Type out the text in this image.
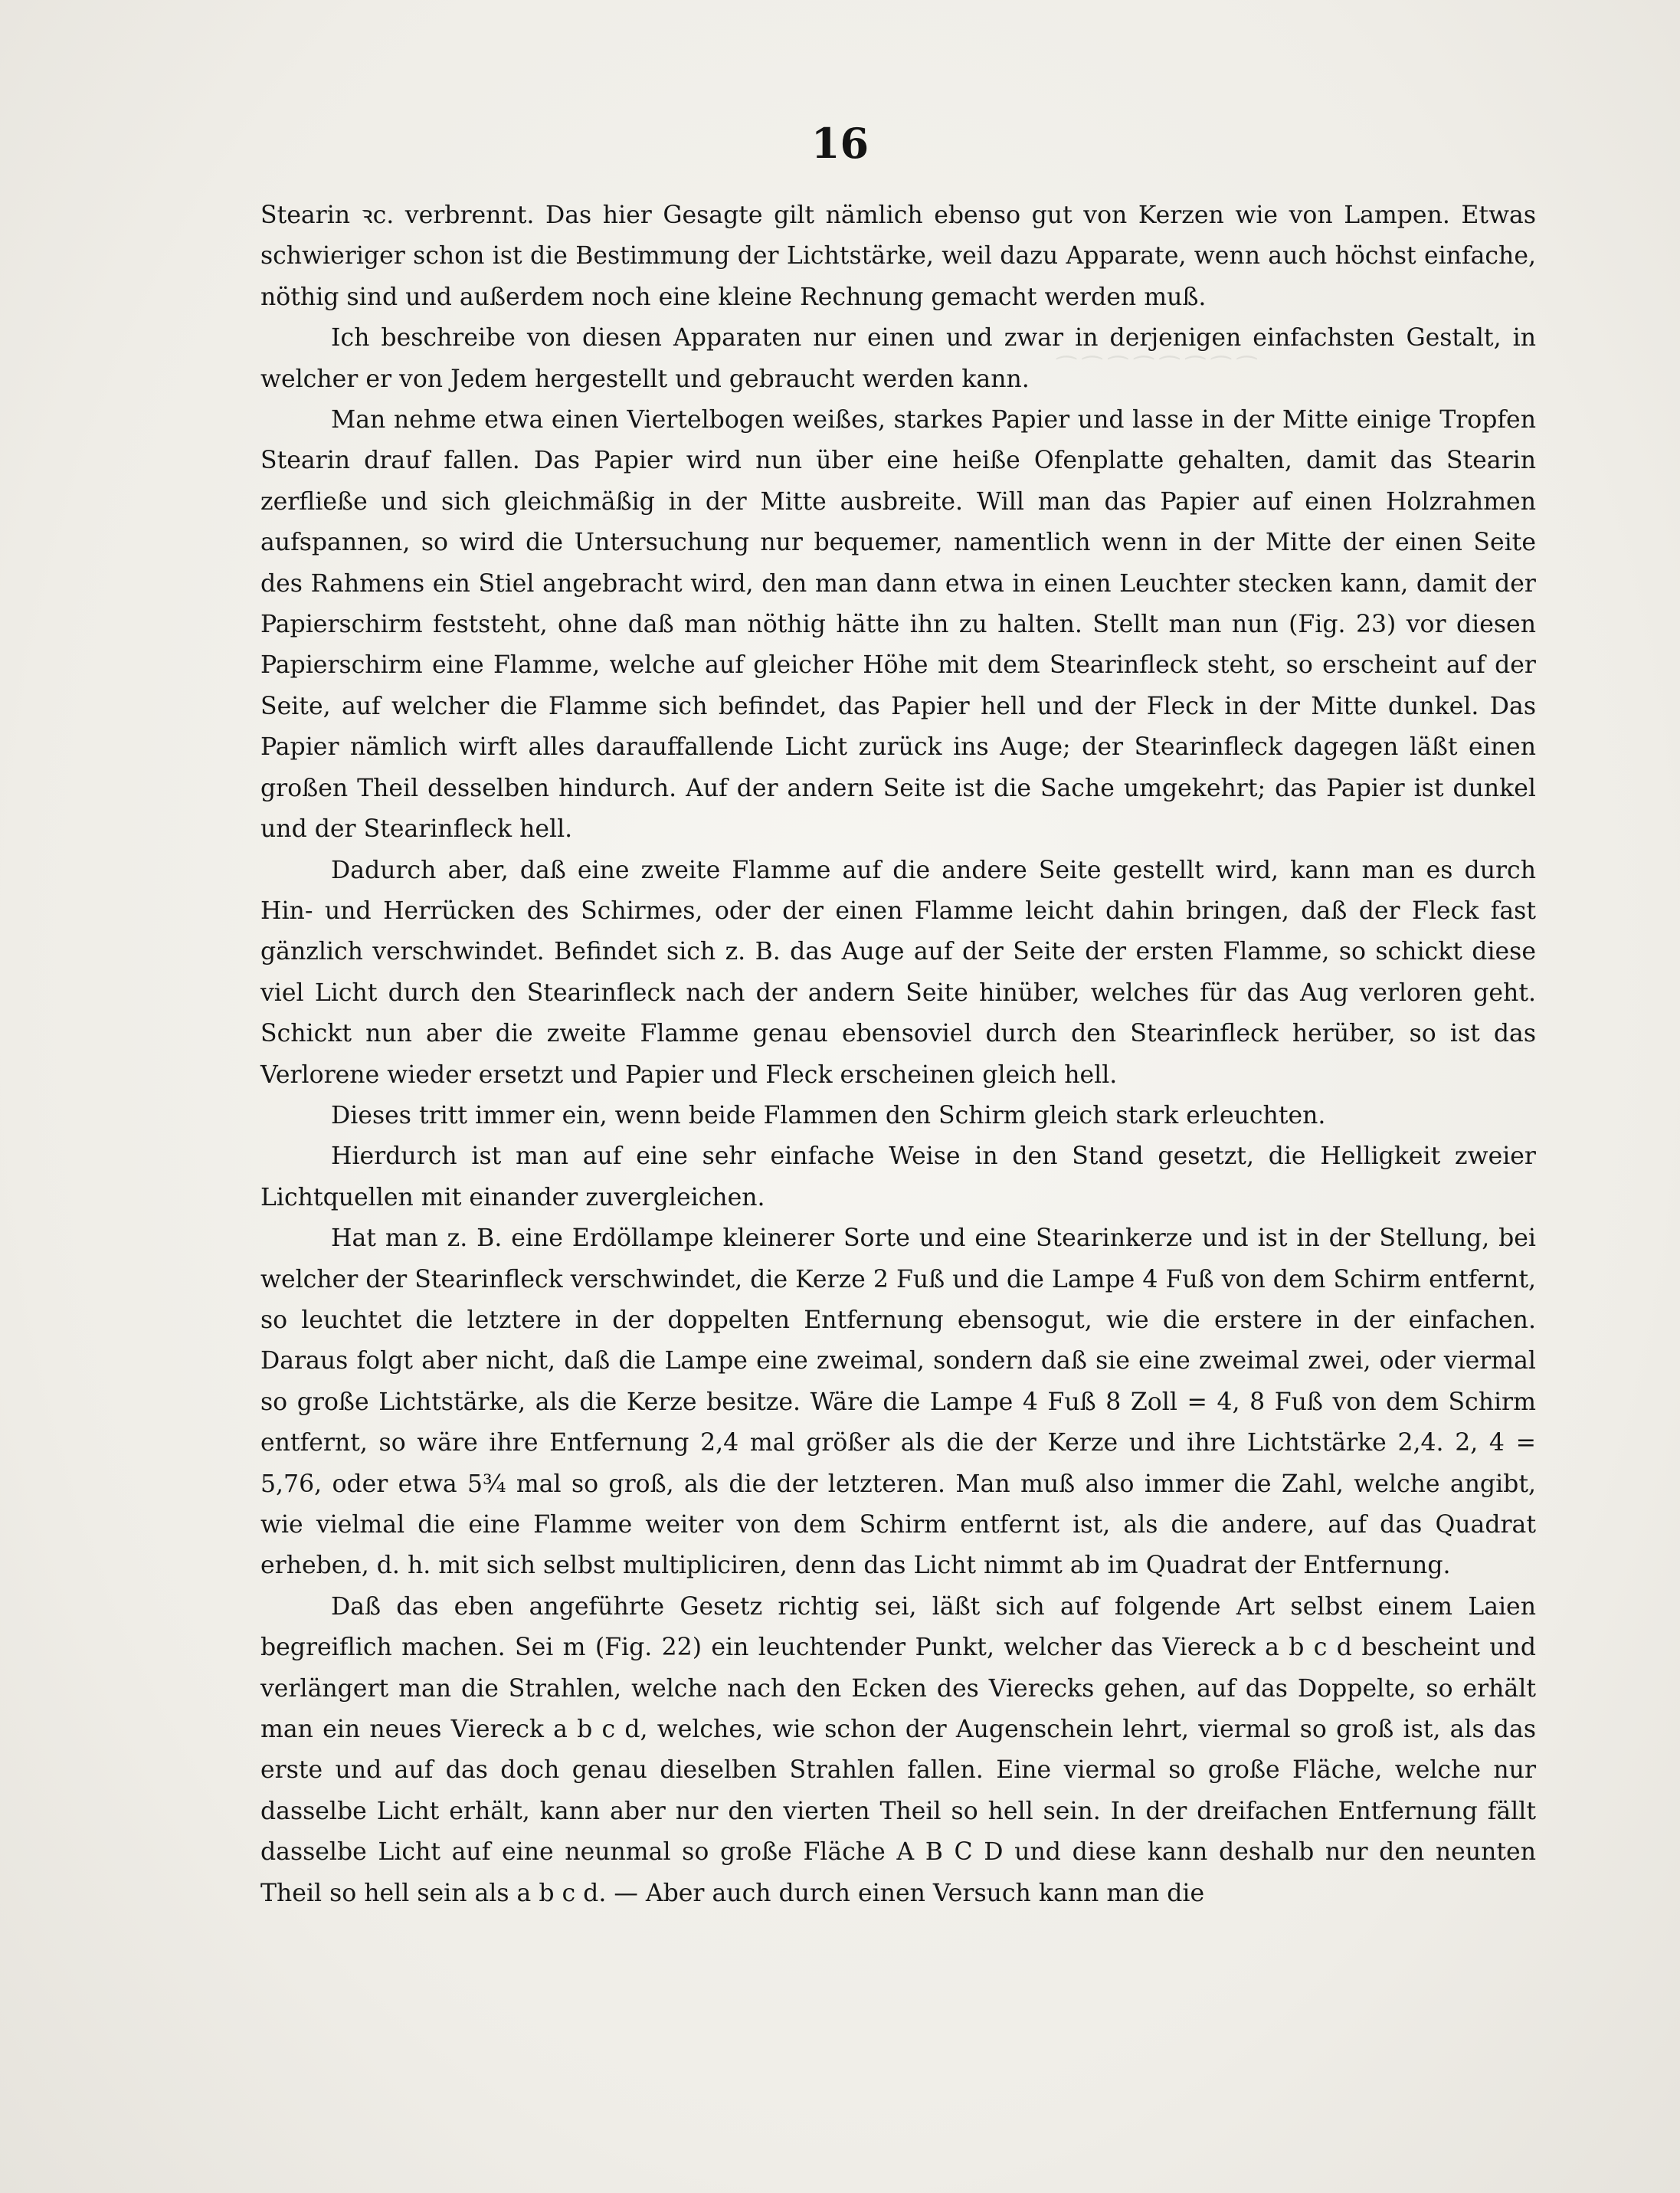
⁀ ⁀ ⁀ ⁀ ⁀ ⁀ ⁀ ⁀
16

Stearin ꝛc. verbrennt. Das hier Gesagte gilt nämlich ebenso gut von Kerzen wie von Lampen. Etwas schwieriger schon ist die Bestimmung der Lichtstärke, weil dazu Apparate, wenn auch höchst einfache, nöthig sind und außerdem noch eine kleine Rechnung gemacht werden muß.

Ich beschreibe von diesen Apparaten nur einen und zwar in derjenigen einfachsten Gestalt, in welcher er von Jedem hergestellt und gebraucht werden kann.

Man nehme etwa einen Viertelbogen weißes, starkes Papier und lasse in der Mitte einige Tropfen Stearin drauf fallen. Das Papier wird nun über eine heiße Ofenplatte gehalten, damit das Stearin zerfließe und sich gleichmäßig in der Mitte ausbreite. Will man das Papier auf einen Holzrahmen aufspannen, so wird die Untersuchung nur bequemer, namentlich wenn in der Mitte der einen Seite des Rahmens ein Stiel angebracht wird, den man dann etwa in einen Leuchter stecken kann, damit der Papierschirm feststeht, ohne daß man nöthig hätte ihn zu halten. Stellt man nun (Fig. 23) vor diesen Papierschirm eine Flamme, welche auf gleicher Höhe mit dem Stearinfleck steht, so erscheint auf der Seite, auf welcher die Flamme sich befindet, das Papier hell und der Fleck in der Mitte dunkel. Das Papier nämlich wirft alles darauffallende Licht zurück ins Auge; der Stearinfleck dagegen läßt einen großen Theil desselben hindurch. Auf der andern Seite ist die Sache umgekehrt; das Papier ist dunkel und der Stearinfleck hell.

Dadurch aber, daß eine zweite Flamme auf die andere Seite gestellt wird, kann man es durch Hin- und Herrücken des Schirmes, oder der einen Flamme leicht dahin bringen, daß der Fleck fast gänzlich verschwindet. Befindet sich z. B. das Auge auf der Seite der ersten Flamme, so schickt diese viel Licht durch den Stearinfleck nach der andern Seite hinüber, welches für das Aug verloren geht. Schickt nun aber die zweite Flamme genau ebensoviel durch den Stearinfleck herüber, so ist das Verlorene wieder ersetzt und Papier und Fleck erscheinen gleich hell.

Dieses tritt immer ein, wenn beide Flammen den Schirm gleich stark erleuchten.

Hierdurch ist man auf eine sehr einfache Weise in den Stand gesetzt, die Helligkeit zweier Lichtquellen mit einander zuvergleichen.

Hat man z. B. eine Erdöllampe kleinerer Sorte und eine Stearinkerze und ist in der Stellung, bei welcher der Stearinfleck verschwindet, die Kerze 2 Fuß und die Lampe 4 Fuß von dem Schirm entfernt, so leuchtet die letztere in der doppelten Entfernung ebensogut, wie die erstere in der einfachen. Daraus folgt aber nicht, daß die Lampe eine zweimal, sondern daß sie eine zweimal zwei, oder viermal so große Lichtstärke, als die Kerze besitze. Wäre die Lampe 4 Fuß 8 Zoll = 4, 8 Fuß von dem Schirm entfernt, so wäre ihre Entfernung 2,4 mal größer als die der Kerze und ihre Lichtstärke 2,4. 2, 4 = 5,76, oder etwa 5¾ mal so groß, als die der letzteren. Man muß also immer die Zahl, welche angibt, wie vielmal die eine Flamme weiter von dem Schirm entfernt ist, als die andere, auf das Quadrat erheben, d. h. mit sich selbst multipliciren, denn das Licht nimmt ab im Quadrat der Entfernung.

Daß das eben angeführte Gesetz richtig sei, läßt sich auf folgende Art selbst einem Laien begreiflich machen. Sei m (Fig. 22) ein leuchtender Punkt, welcher das Viereck a b c d bescheint und verlängert man die Strahlen, welche nach den Ecken des Vierecks gehen, auf das Doppelte, so erhält man ein neues Viereck a b c d, welches, wie schon der Augenschein lehrt, viermal so groß ist, als das erste und auf das doch genau dieselben Strahlen fallen. Eine viermal so große Fläche, welche nur dasselbe Licht erhält, kann aber nur den vierten Theil so hell sein. In der dreifachen Entfernung fällt dasselbe Licht auf eine neunmal so große Fläche A B C D und diese kann deshalb nur den neunten Theil so hell sein als a b c d. — Aber auch durch einen Versuch kann man die
